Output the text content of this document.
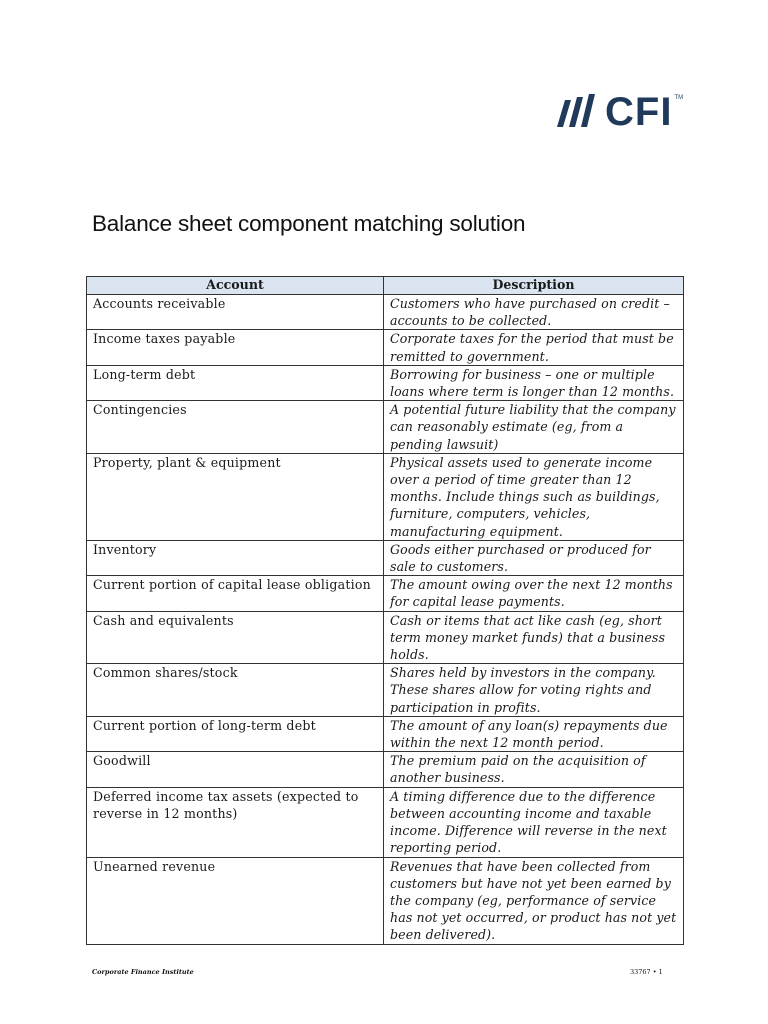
CFI TM
Balance sheet component matching solution
Account	Description
Accounts receivable	Customers who have purchased on credit – accounts to be collected.
Income taxes payable	Corporate taxes for the period that must be remitted to government.
Long-term debt	Borrowing for business – one or multiple loans where term is longer than 12 months.
Contingencies	A potential future liability that the company can reasonably estimate (eg, from a pending lawsuit)
Property, plant & equipment	Physical assets used to generate income over a period of time greater than 12 months. Include things such as buildings, furniture, computers, vehicles, manufacturing equipment.
Inventory	Goods either purchased or produced for sale to customers.
Current portion of capital lease obligation	The amount owing over the next 12 months for capital lease payments.
Cash and equivalents	Cash or items that act like cash (eg, short term money market funds) that a business holds.
Common shares/stock	Shares held by investors in the company. These shares allow for voting rights and participation in profits.
Current portion of long-term debt	The amount of any loan(s) repayments due within the next 12 month period.
Goodwill	The premium paid on the acquisition of another business.
Deferred income tax assets (expected to reverse in 12 months)	A timing difference due to the difference between accounting income and taxable income. Difference will reverse in the next reporting period.
Unearned revenue	Revenues that have been collected from customers but have not yet been earned by the company (eg, performance of service has not yet occurred, or product has not yet been delivered).
Corporate Finance Institute	33767 • 1
